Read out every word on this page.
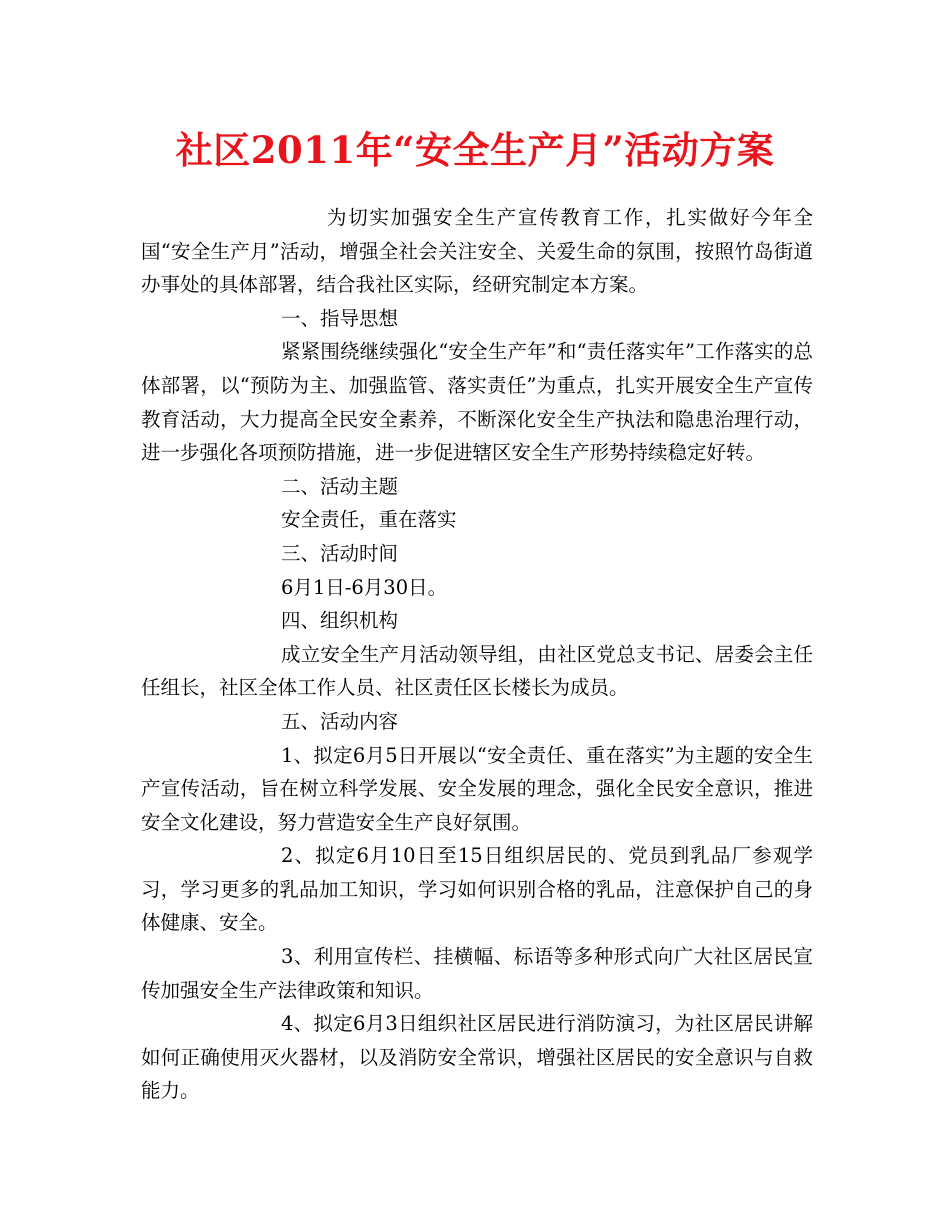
社区2011年“安全生产月”活动方案

为切实加强安全生产宣传教育工作，扎实做好今年全国“安全生产月”活动，增强全社会关注安全、关爱生命的氛围，按照竹岛街道办事处的具体部署，结合我社区实际，经研究制定本方案。

一、指导思想

紧紧围绕继续强化“安全生产年”和“责任落实年”工作落实的总体部署，以“预防为主、加强监管、落实责任”为重点，扎实开展安全生产宣传教育活动，大力提高全民安全素养，不断深化安全生产执法和隐患治理行动，进一步强化各项预防措施，进一步促进辖区安全生产形势持续稳定好转。

二、活动主题

安全责任，重在落实

三、活动时间

6月1日-6月30日。

四、组织机构

成立安全生产月活动领导组，由社区党总支书记、居委会主任任组长，社区全体工作人员、社区责任区长楼长为成员。

五、活动内容

1、拟定6月5日开展以“安全责任、重在落实”为主题的安全生产宣传活动，旨在树立科学发展、安全发展的理念，强化全民安全意识，推进安全文化建设，努力营造安全生产良好氛围。

2、拟定6月10日至15日组织居民的、党员到乳品厂参观学习，学习更多的乳品加工知识，学习如何识别合格的乳品，注意保护自己的身体健康、安全。

3、利用宣传栏、挂横幅、标语等多种形式向广大社区居民宣传加强安全生产法律政策和知识。

4、拟定6月3日组织社区居民进行消防演习，为社区居民讲解如何正确使用灭火器材，以及消防安全常识，增强社区居民的安全意识与自救能力。
